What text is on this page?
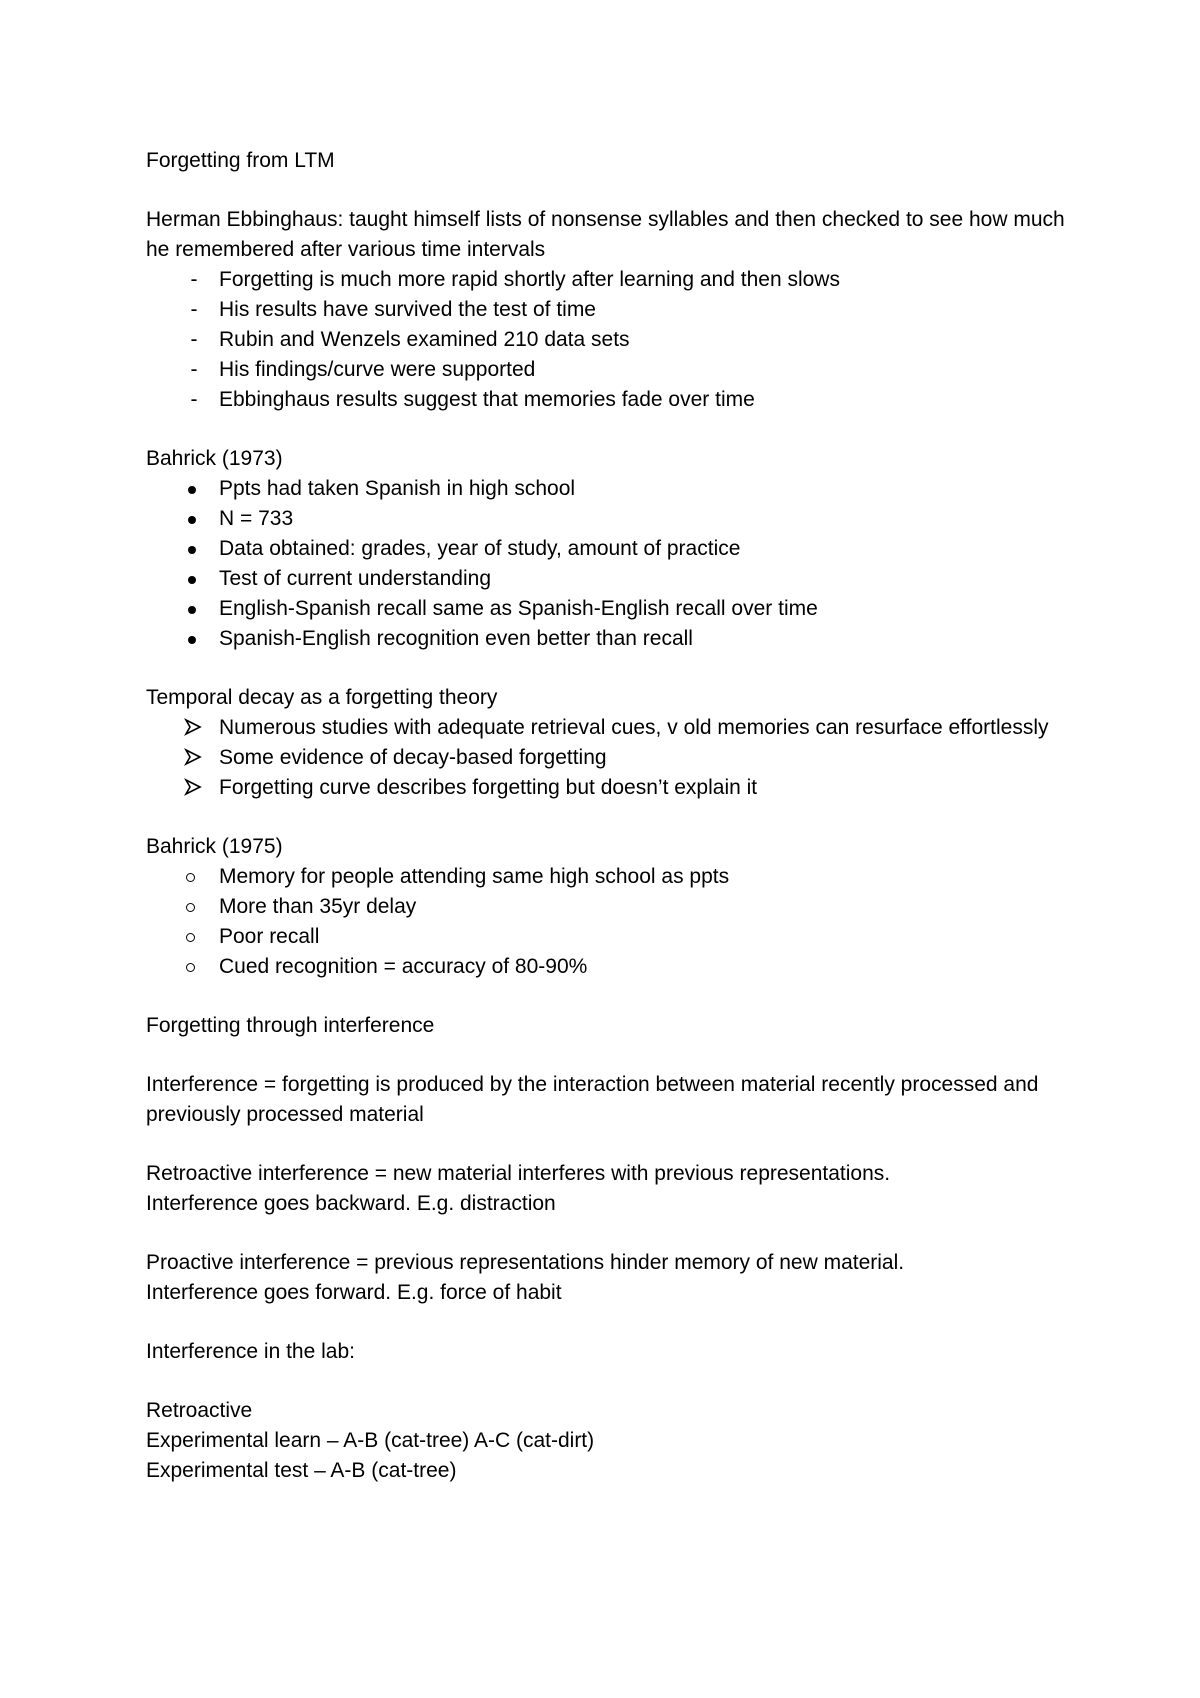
Forgetting from LTM

Herman Ebbinghaus: taught himself lists of nonsense syllables and then checked to see how much he remembered after various time intervals

-	Forgetting is much more rapid shortly after learning and then slows
-	His results have survived the test of time
-	Rubin and Wenzels examined 210 data sets
-	His findings/curve were supported
-	Ebbinghaus results suggest that memories fade over time

Bahrick (1973)

Ppts had taken Spanish in high school
N = 733
Data obtained: grades, year of study, amount of practice
Test of current understanding
English-Spanish recall same as Spanish-English recall over time
Spanish-English recognition even better than recall

Temporal decay as a forgetting theory

Numerous studies with adequate retrieval cues, v old memories can resurface effortlessly
Some evidence of decay-based forgetting
Forgetting curve describes forgetting but doesn’t explain it

Bahrick (1975)

Memory for people attending same high school as ppts
More than 35yr delay
Poor recall
Cued recognition = accuracy of 80-90%

Forgetting through interference

Interference = forgetting is produced by the interaction between material recently processed and previously processed material

Retroactive interference = new material interferes with previous representations.

Interference goes backward. E.g. distraction

Proactive interference = previous representations hinder memory of new material.

Interference goes forward. E.g. force of habit

Interference in the lab:

Retroactive

Experimental learn – A-B (cat-tree) A-C (cat-dirt)

Experimental test – A-B (cat-tree)
